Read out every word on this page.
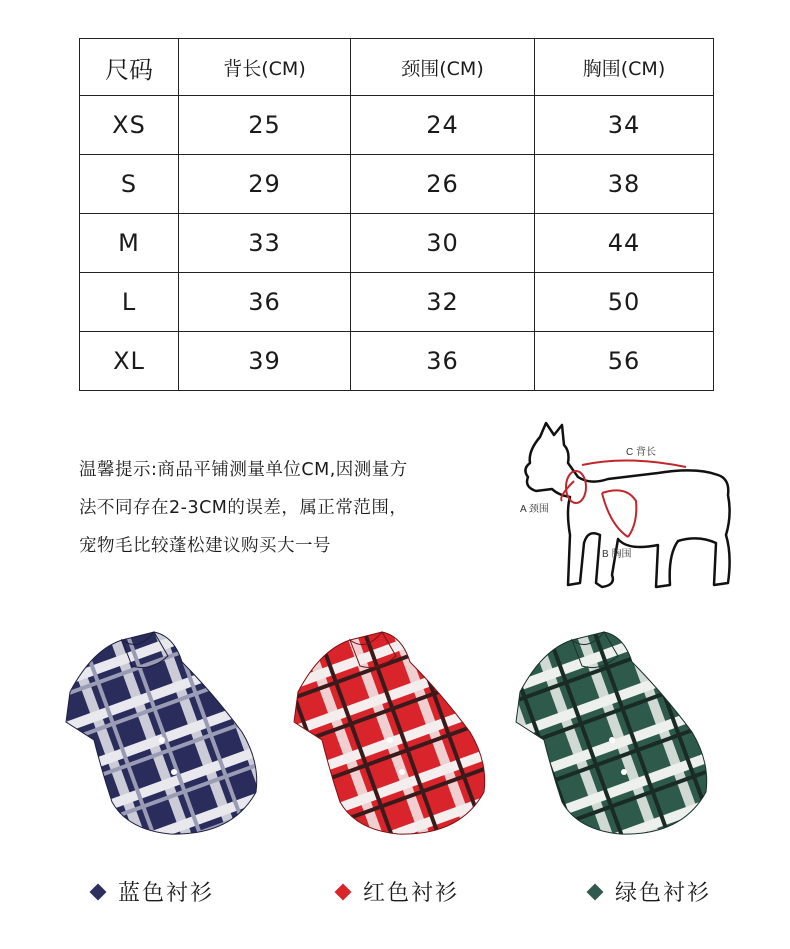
尺码	背长(CM)	颈围(CM)	胸围(CM)
XS	25	24	34
S	29	26	38
M	33	30	44
L	36	32	50
XL	39	36	56
温馨提示:商品平铺测量单位CM,因测量方
法不同存在2-3CM的误差，属正常范围，
宠物毛比较蓬松建议购买大一号
C 背长
A 颈围
B 胸围
蓝色衬衫	红色衬衫	绿色衬衫
